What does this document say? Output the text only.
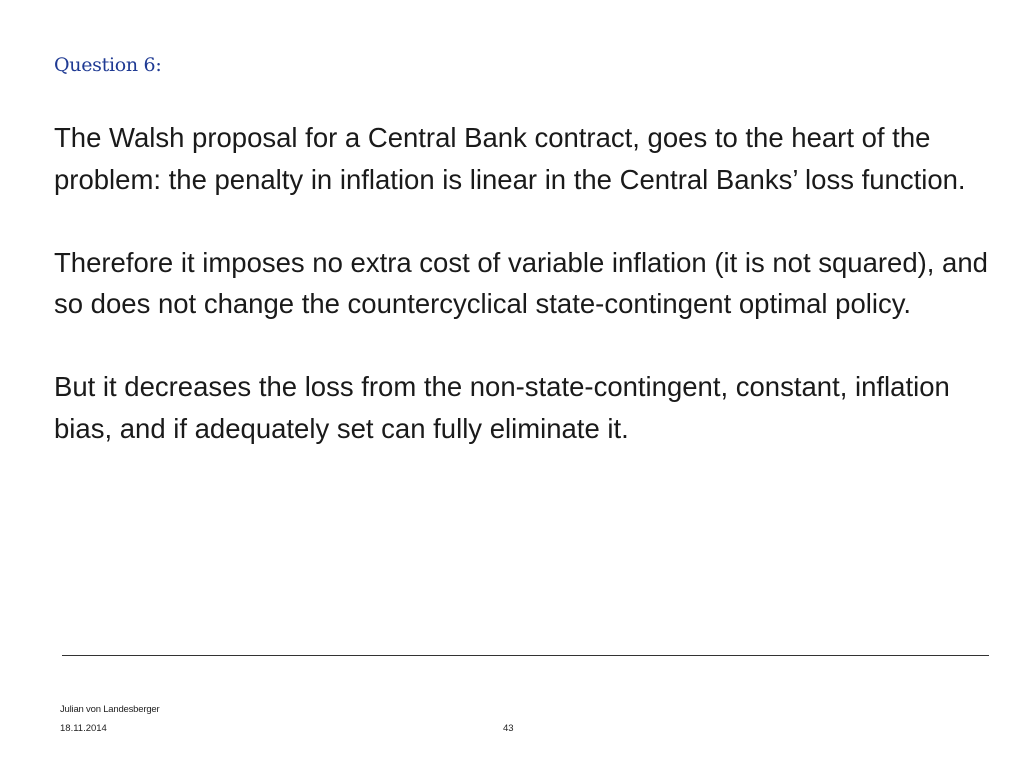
Question 6:

The Walsh proposal for a Central Bank contract, goes to the heart of the problem: the penalty in inflation is linear in the Central Banks’ loss function.

Therefore it imposes no extra cost of variable inflation (it is not squared), and so does not change the countercyclical state-contingent optimal policy.

But it decreases the loss from the non-state-contingent, constant, inflation bias, and if adequately set can fully eliminate it.

Julian von Landesberger
18.11.2014	43
